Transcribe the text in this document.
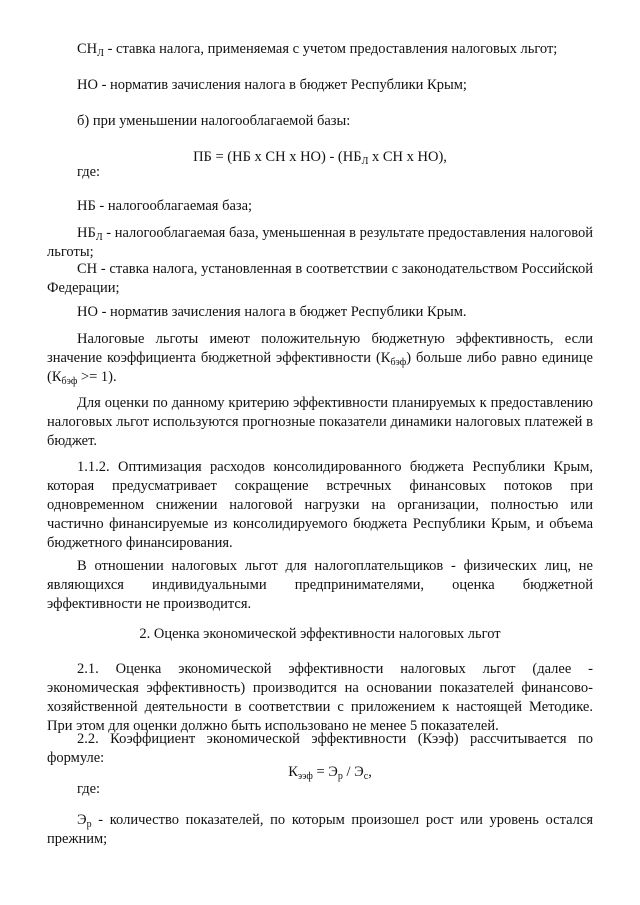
$СН_Л$ - ставка налога, применяемая с учетом предоставления налоговых льгот;

НО - норматив зачисления налога в бюджет Республики Крым;

б) при уменьшении налогооблагаемой базы:

ПБ = (НБ х СН х $НО) - (НБ_Л$ х СН х НО),

где:

НБ - налогооблагаемая база;

$НБ_Л$ - налогооблагаемая база, уменьшенная в результате предоставления налоговой льготы;

СН - ставка налога, установленная в соответствии с законодательством Российской Федерации;

НО - норматив зачисления налога в бюджет Республики Крым.

Налоговые льготы имеют положительную бюджетную эффективность, если значение коэффициента бюджетной эффективности $(К_{бэф})$ больше либо равно единице $(К_{бэф} >= 1)$.

Для оценки по данному критерию эффективности планируемых к предоставлению налоговых льгот используются прогнозные показатели динамики налоговых платежей в бюджет.

1.1.2. Оптимизация расходов консолидированного бюджета Республики Крым, которая предусматривает сокращение встречных финансовых потоков при одновременном снижении налоговой нагрузки на организации, полностью или частично финансируемые из консолидируемого бюджета Республики Крым, и объема бюджетного финансирования.

В отношении налоговых льгот для налогоплательщиков - физических лиц, не являющихся индивидуальными предпринимателями, оценка бюджетной эффективности не производится.

2. Оценка экономической эффективности налоговых льгот

2.1. Оценка экономической эффективности налоговых льгот (далее - экономическая эффективность) производится на основании показателей финансово-хозяйственной деятельности в соответствии с приложением к настоящей Методике. При этом для оценки должно быть использовано не менее 5 показателей.

2.2. Коэффициент экономической эффективности (Кээф) рассчитывается по формуле:

$К_{ээф} = Э_р / Э_с$,

где:

$Э_р$ - количество показателей, по которым произошел рост или уровень остался прежним;
